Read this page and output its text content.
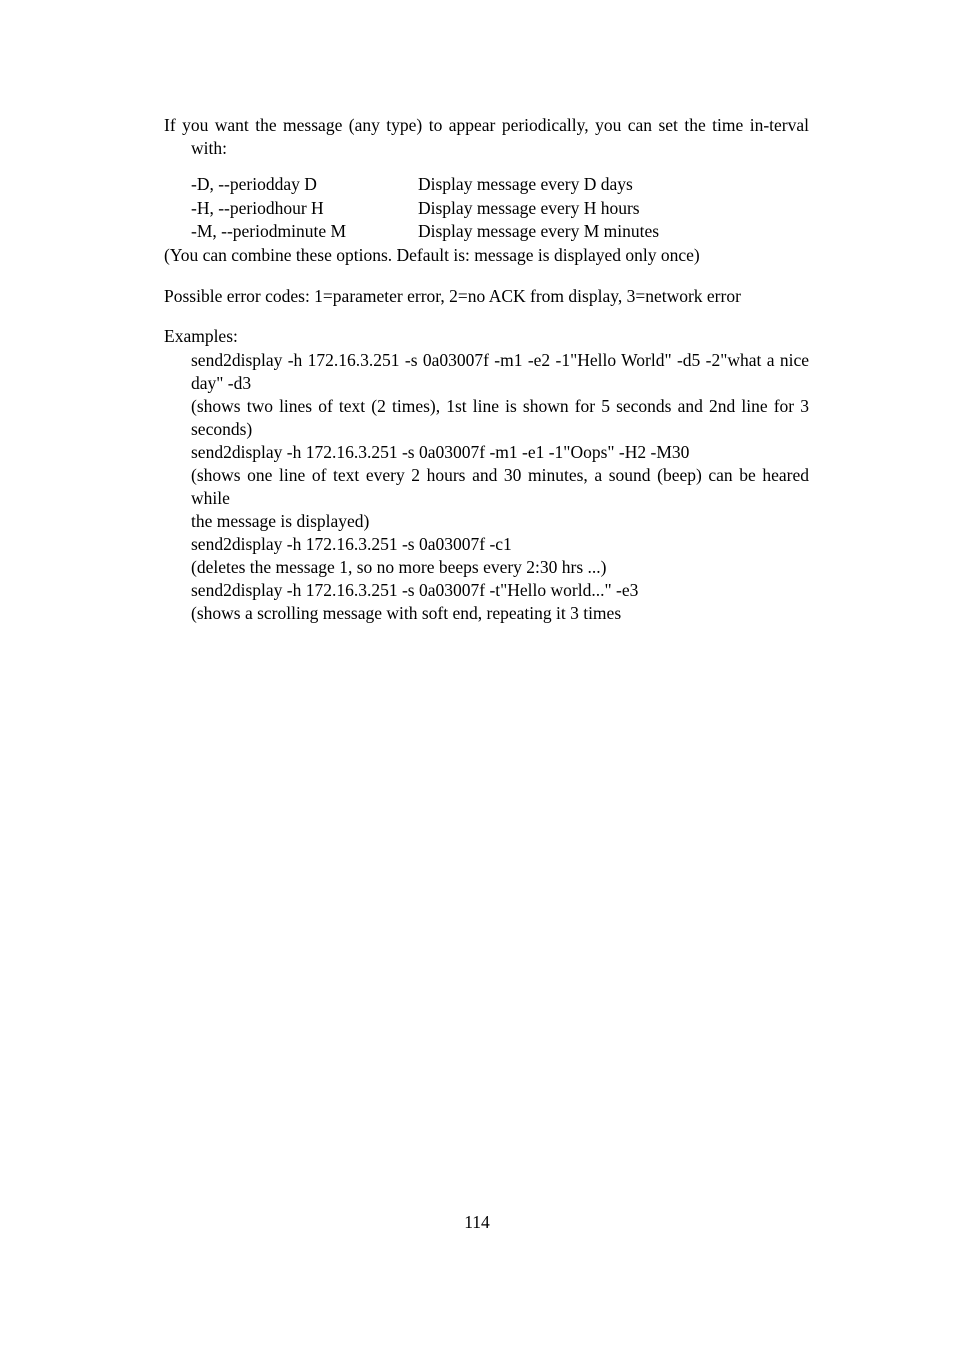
If you want the message (any type) to appear periodically, you can set the time in-terval with:

-D, --periodday D	Display message every D days
-H, --periodhour H	Display message every H hours
-M, --periodminute M	Display message every M minutes

(You can combine these options. Default is: message is displayed only once)

Possible error codes: 1=parameter error, 2=no ACK from display, 3=network error

Examples:

send2display -h 172.16.3.251 -s 0a03007f -m1 -e2 -1"Hello World" -d5 -2"what a nice day" -d3

(shows two lines of text (2 times), 1st line is shown for 5 seconds and 2nd line for 3 seconds)

send2display -h 172.16.3.251 -s 0a03007f -m1 -e1 -1"Oops" -H2 -M30

(shows one line of text every 2 hours and 30 minutes, a sound (beep) can be heared while

the message is displayed)

send2display -h 172.16.3.251 -s 0a03007f -c1

(deletes the message 1, so no more beeps every 2:30 hrs ...)

send2display -h 172.16.3.251 -s 0a03007f -t"Hello world..." -e3

(shows a scrolling message with soft end, repeating it 3 times

114
